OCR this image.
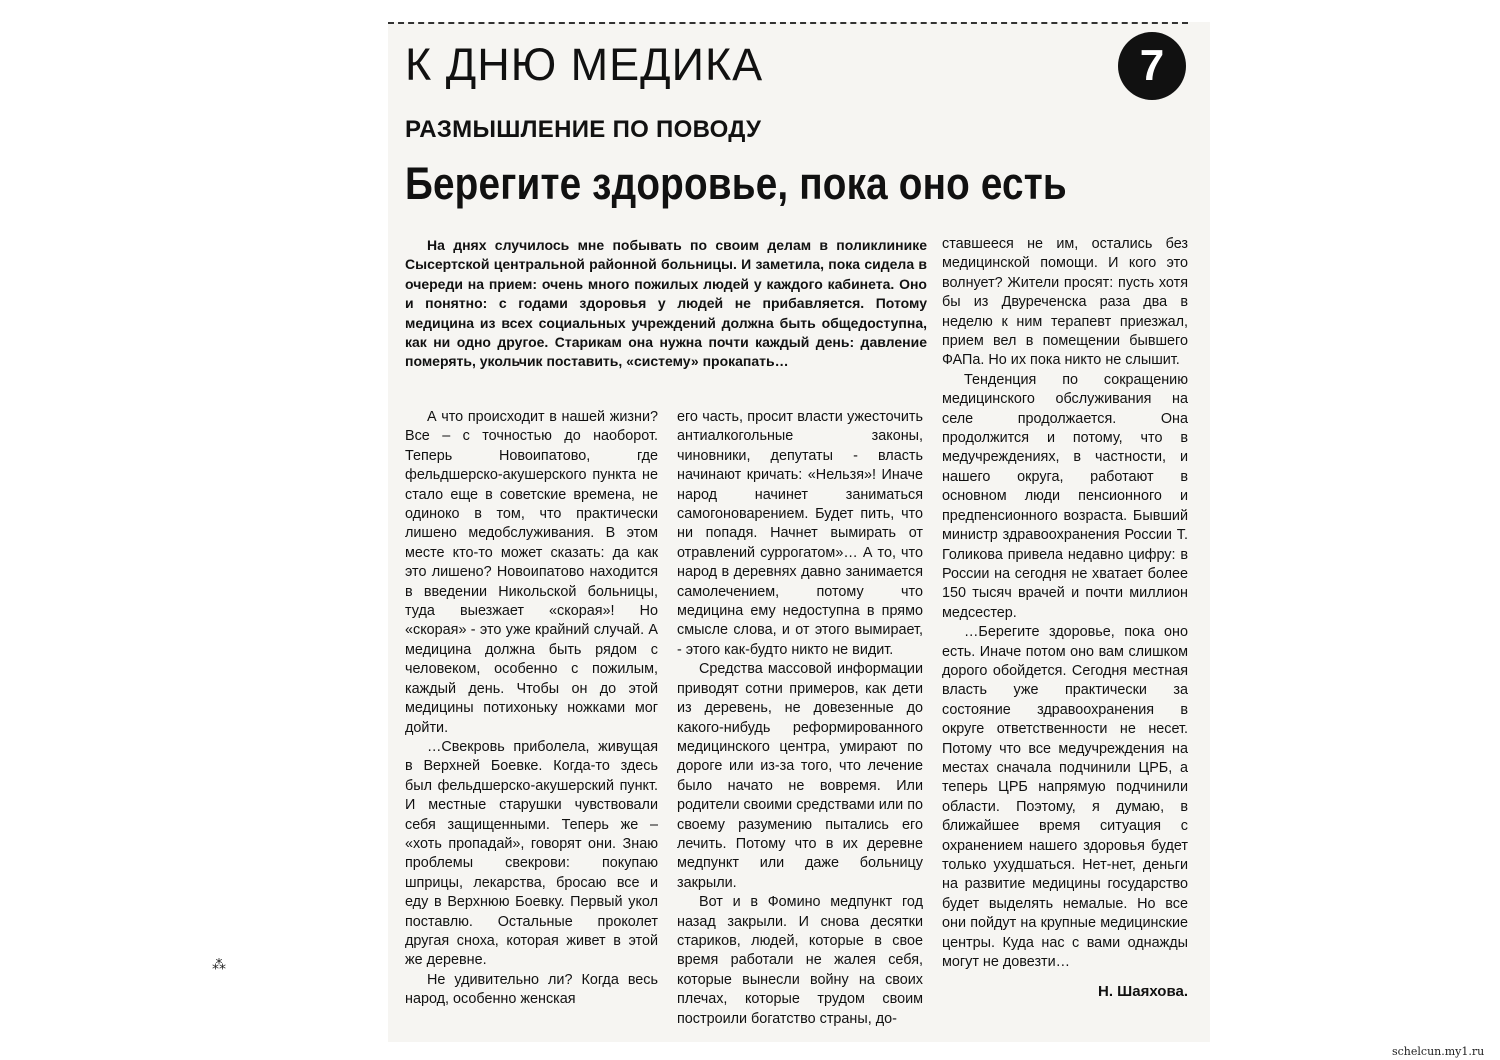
К ДНЮ МЕДИКА	7
РАЗМЫШЛЕНИЕ ПО ПОВОДУ
Берегите здоровье, пока оно есть
На днях случилось мне побывать по своим делам в поликлинике Сысертской центральной районной больницы. И заметила, пока сидела в очереди на прием: очень много пожилых людей у каждого кабинета. Оно и понятно: с годами здоровья у людей не прибавляется. Потому медицина из всех социальных учреждений должна быть общедоступна, как ни одно другое. Старикам она нужна почти каждый день: давление померять, укольчик поставить, «систему» прокапать…

А что происходит в нашей жизни? Все – с точностью до наоборот. Теперь Новоипатово, где фельдшерско-акушерского пункта не стало еще в советские времена, не одиноко в том, что практически лишено медобслуживания. В этом месте кто-то может сказать: да как это лишено? Новоипатово находится в введении Никольской больницы, туда выезжает «скорая»! Но «скорая» - это уже крайний случай. А медицина должна быть рядом с человеком, особенно с пожилым, каждый день. Чтобы он до этой медицины потихоньку ножками мог дойти.

…Свекровь приболела, живущая в Верхней Боевке. Когда-то здесь был фельдшерско-акушерский пункт. И местные старушки чувствовали себя защищенными. Теперь же – «хоть пропадай», говорят они. Знаю проблемы свекрови: покупаю шприцы, лекарства, бросаю все и еду в Верхнюю Боевку. Первый укол поставлю. Остальные проколет другая сноха, которая живет в этой же деревне.

Не удивительно ли? Когда весь народ, особенно женская

его часть, просит власти ужесточить антиалкогольные законы, чиновники, депутаты - власть начинают кричать: «Нельзя»! Иначе народ начинет заниматься самогоноварением. Будет пить, что ни попадя. Начнет вымирать от отравлений суррогатом»… А то, что народ в деревнях давно занимается самолечением, потому что медицина ему недоступна в прямо смысле слова, и от этого вымирает, - этого как-будто никто не видит.

Средства массовой информации приводят сотни примеров, как дети из деревень, не довезенные до какого-нибудь реформированного медицинского центра, умирают по дороге или из-за того, что лечение было начато не вовремя. Или родители своими средствами или по своему разумению пытались его лечить. Потому что в их деревне медпункт или даже больницу закрыли.

Вот и в Фомино медпункт год назад закрыли. И снова десятки стариков, людей, которые в свое время работали не жалея себя, которые вынесли войну на своих плечах, которые трудом своим построили богатство страны, до-

ставшееся не им, остались без медицинской помощи. И кого это волнует? Жители просят: пусть хотя бы из Двуреченска раза два в неделю к ним терапевт приезжал, прием вел в помещении бывшего ФАПа. Но их пока никто не слышит.

Тенденция по сокращению медицинского обслуживания на селе продолжается. Она продолжится и потому, что в медучреждениях, в частности, и нашего округа, работают в основном люди пенсионного и предпенсионного возраста. Бывший министр здравоохранения России Т. Голикова привела недавно цифру: в России на сегодня не хватает более 150 тысяч врачей и почти миллион медсестер.

…Берегите здоровье, пока оно есть. Иначе потом оно вам слишком дорого обойдется. Сегодня местная власть уже практически за состояние здравоохранения в округе ответственности не несет. Потому что все медучреждения на местах сначала подчинили ЦРБ, а теперь ЦРБ напрямую подчинили области. Поэтому, я думаю, в ближайшее время ситуация с охранением нашего здоровья будет только ухудшаться. Нет-нет, деньги на развитие медицины государство будет выделять немалые. Но все они пойдут на крупные медицинские центры. Куда нас с вами однажды могут не довезти…

Н. Шаяхова.
⁂
schelcun.my1.ru
